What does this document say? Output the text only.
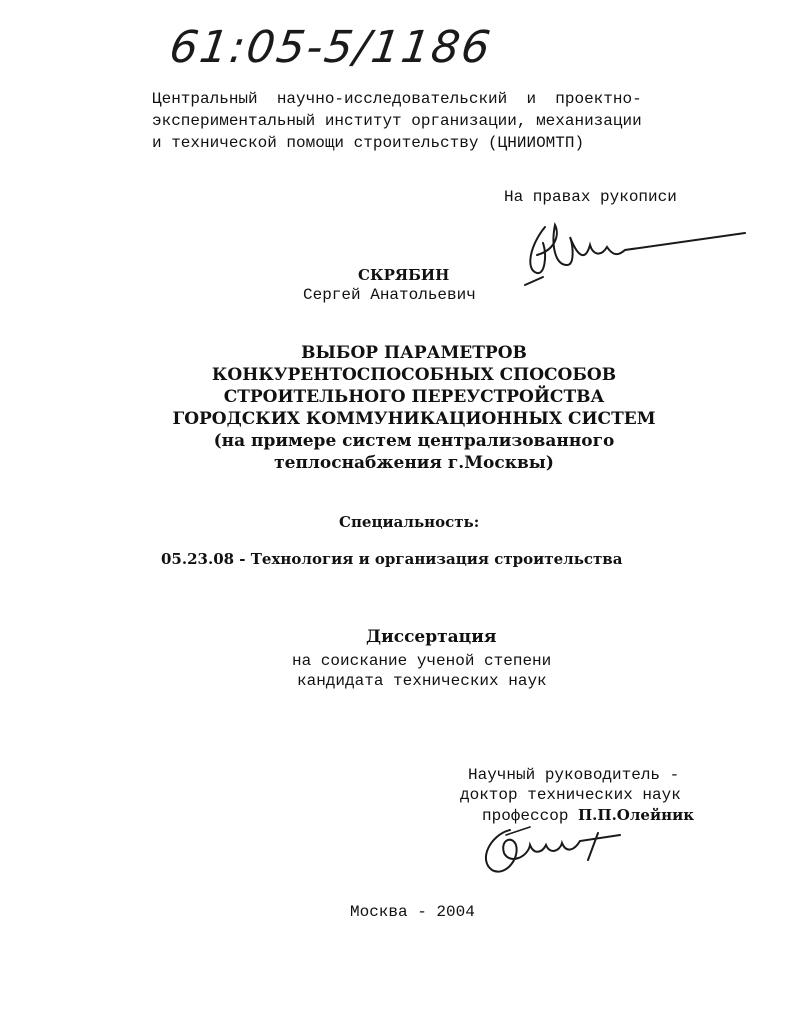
61:05-5/1186
Центральный  научно-исследовательский  и  проектно-
экспериментальный институт организации, механизации
и технической помощи строительству (ЦНИИОМТП)
На правах рукописи
СКРЯБИН
Сергей Анатольевич
ВЫБОР ПАРАМЕТРОВ
КОНКУРЕНТОСПОСОБНЫХ СПОСОБОВ
СТРОИТЕЛЬНОГО ПЕРЕУСТРОЙСТВА
ГОРОДСКИХ КОММУНИКАЦИОННЫХ СИСТЕМ
(на примере систем централизованного
теплоснабжения г.Москвы)
Специальность:
05.23.08 - Технология и организация строительства
Диссертация
на соискание ученой степени
кандидата технических наук
Научный руководитель -
доктор технических наук
профессор П.П.Олейник
Москва - 2004
